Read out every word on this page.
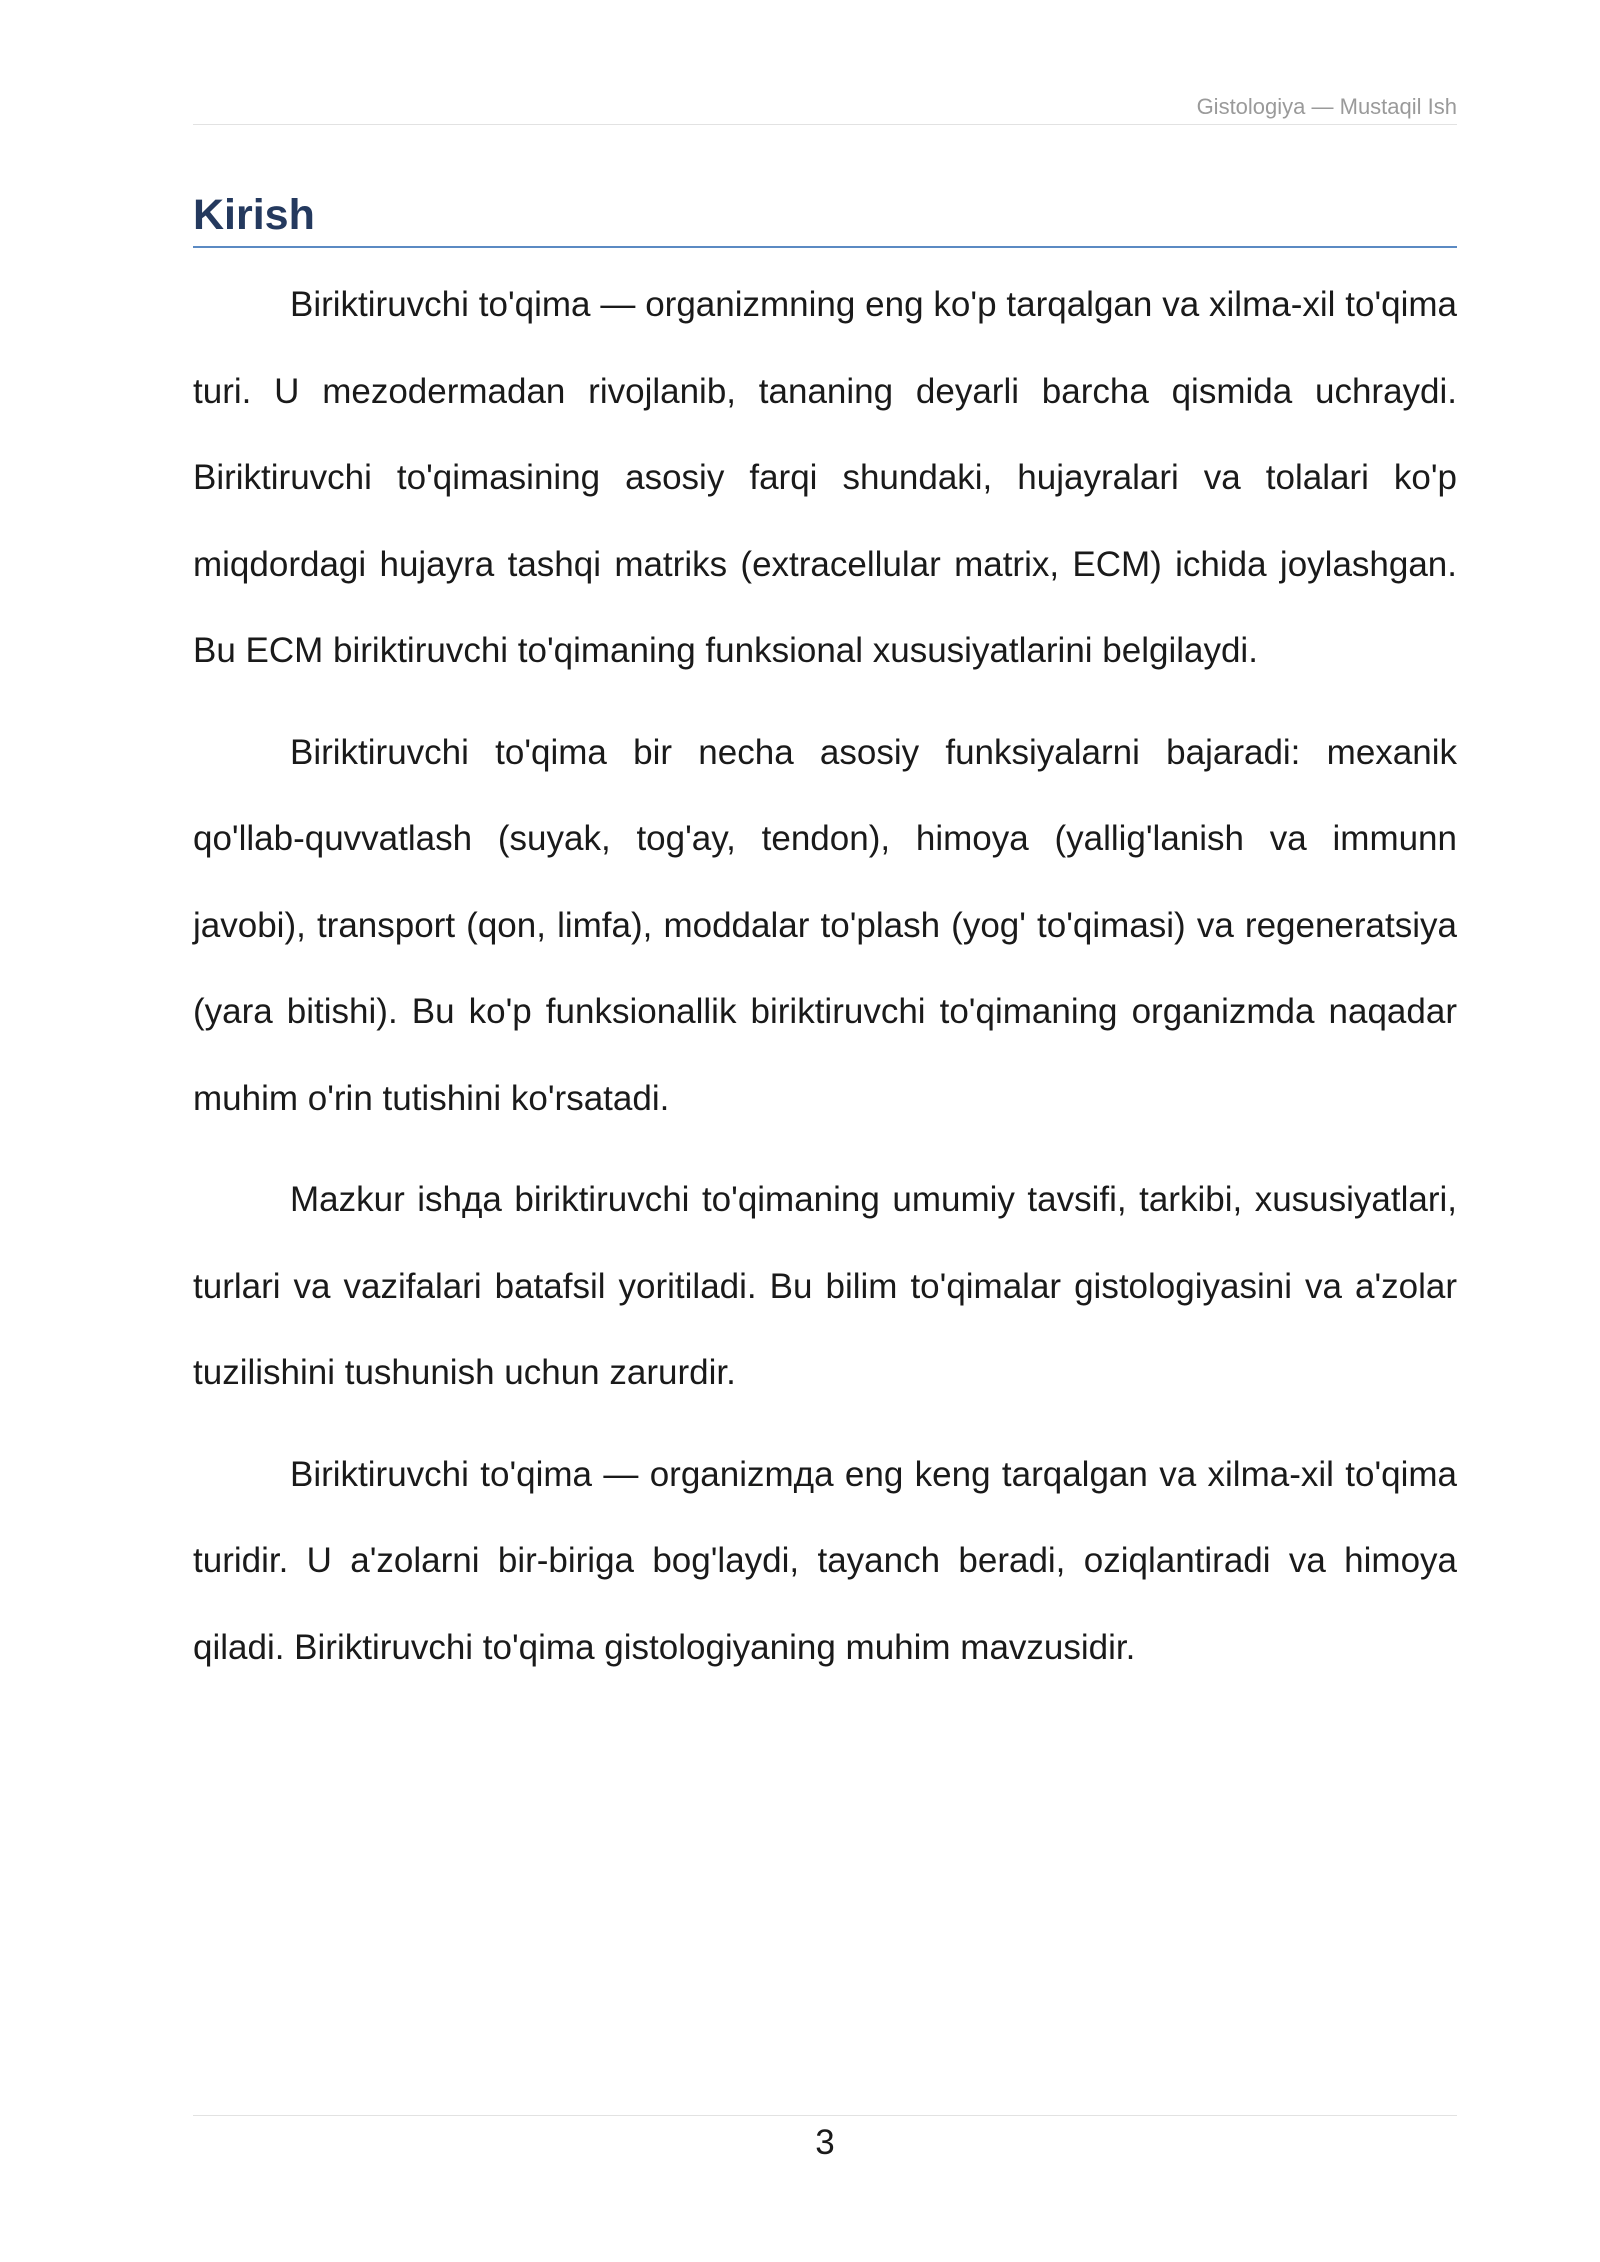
Gistologiya — Mustaqil Ish
Kirish

Biriktiruvchi to'qima — organizmning eng ko'p tarqalgan va xilma-xil to'qima turi. U mezodermadan rivojlanib, tananing deyarli barcha qismida uchraydi. Biriktiruvchi to'qimasining asosiy farqi shundaki, hujayralari va tolalari ko'p miqdordagi hujayra tashqi matriks (extracellular matrix, ECM) ichida joylashgan. Bu ECM biriktiruvchi to'qimaning funksional xususiyatlarini belgilaydi.

Biriktiruvchi to'qima bir necha asosiy funksiyalarni bajaradi: mexanik qo'llab-quvvatlash (suyak, tog'ay, tendon), himoya (yallig'lanish va immunn javobi), transport (qon, limfa), moddalar to'plash (yog' to'qimasi) va regeneratsiya (yara bitishi). Bu ko'p funksionallik biriktiruvchi to'qimaning organizmda naqadar muhim o'rin tutishini ko'rsatadi.

Mazkur ishда biriktiruvchi to'qimaning umumiy tavsifi, tarkibi, xususiyatlari, turlari va vazifalari batafsil yoritiladi. Bu bilim to'qimalar gistologiyasini va a'zolar tuzilishini tushunish uchun zarurdir.

Biriktiruvchi to'qima — organizmда eng keng tarqalgan va xilma-xil to'qima turidir. U a'zolarni bir-biriga bog'laydi, tayanch beradi, oziqlantiradi va himoya qiladi. Biriktiruvchi to'qima gistologiyaning muhim mavzusidir.

3
